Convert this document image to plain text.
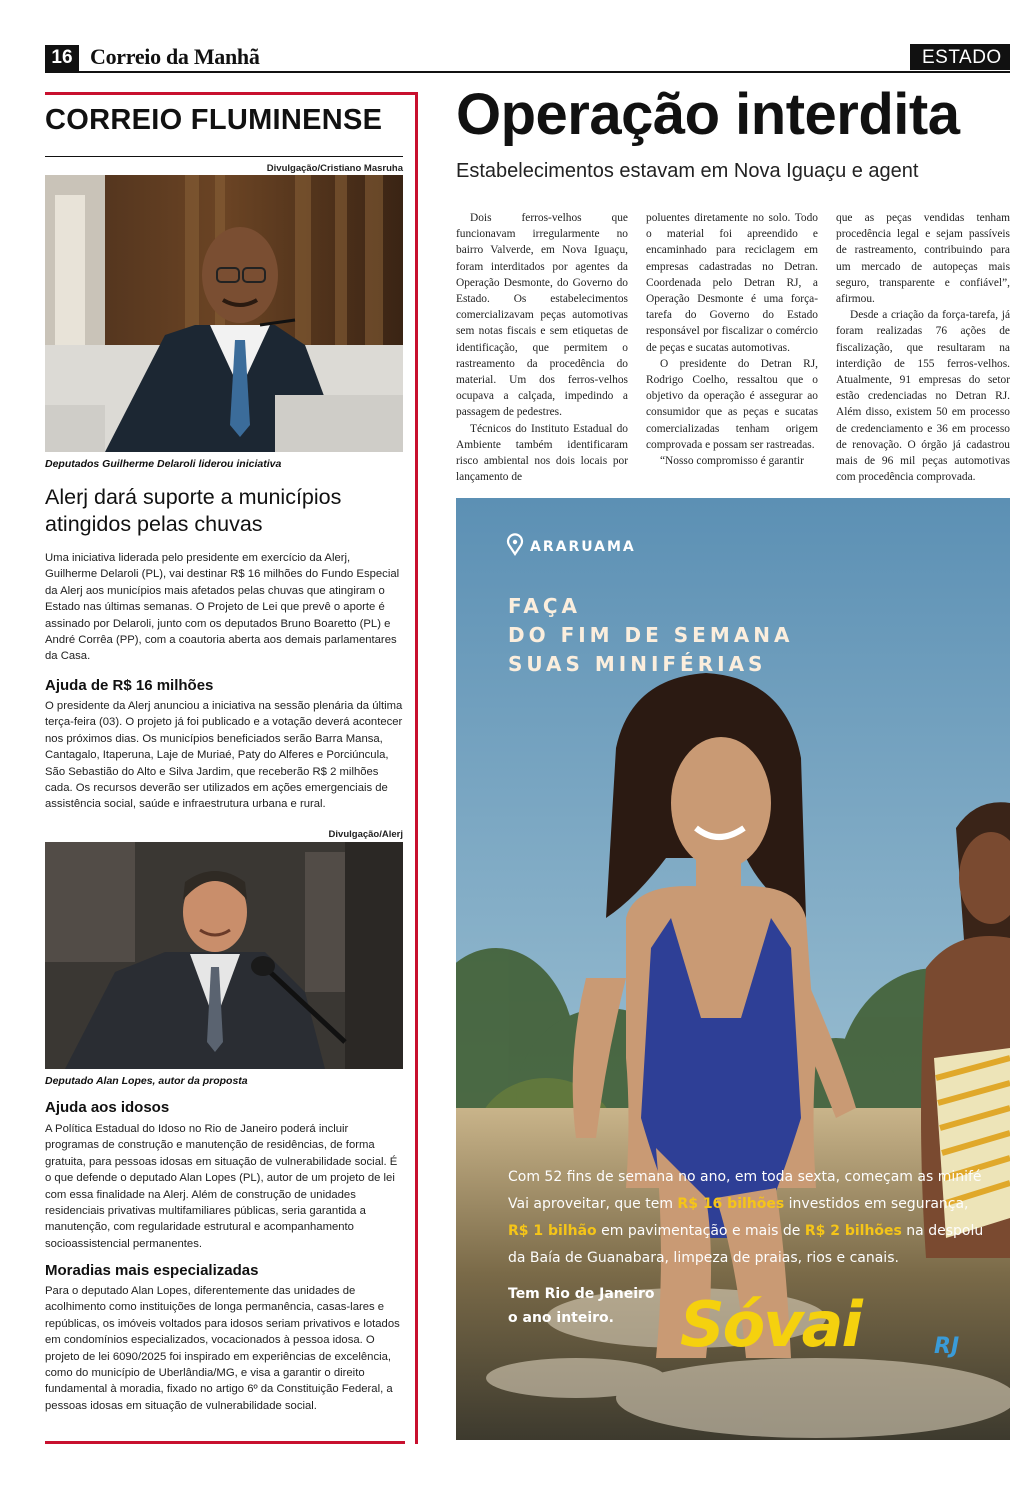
16 Correio da Manhã	ESTADO
CORREIO FLUMINENSE
Divulgação/Cristiano Masruha
Deputados Guilherme Delaroli liderou iniciativa
Alerj dará suporte a municípios atingidos pelas chuvas

Uma iniciativa liderada pelo presidente em exercício da Alerj, Guilherme Delaroli (PL), vai destinar R$ 16 milhões do Fundo Especial da Alerj aos municípios mais afetados pelas chuvas que atingiram o Estado nas últimas semanas. O Projeto de Lei que prevê o aporte é assinado por Delaroli, junto com os deputados Bruno Boaretto (PL) e André Corrêa (PP), com a coautoria aberta aos demais parlamentares da Casa.

Ajuda de R$ 16 milhões

O presidente da Alerj anunciou a iniciativa na sessão plenária da última terça-feira (03). O projeto já foi publicado e a votação deverá acontecer nos próximos dias. Os municípios beneficiados serão Barra Mansa, Cantagalo, Itaperuna, Laje de Muriaé, Paty do Alferes e Porciúncula, São Sebastião do Alto e Silva Jardim, que receberão R$ 2 milhões cada. Os recursos deverão ser utilizados em ações emergenciais de assistência social, saúde e infraestrutura urbana e rural.

Divulgação/Alerj
Deputado Alan Lopes, autor da proposta
Ajuda aos idosos

A Política Estadual do Idoso no Rio de Janeiro poderá incluir programas de construção e manutenção de residências, de forma gratuita, para pessoas idosas em situação de vulnerabilidade social. É o que defende o deputado Alan Lopes (PL), autor de um projeto de lei com essa finalidade na Alerj. Além de construção de unidades residenciais privativas multifamiliares públicas, seria garantida a manutenção, com regularidade estrutural e acompanhamento socioassistencial permanentes.

Moradias mais especializadas

Para o deputado Alan Lopes, diferentemente das unidades de acolhimento como instituições de longa permanência, casas-lares e repúblicas, os imóveis voltados para idosos seriam privativos e lotados em condomínios especializados, vocacionados à pessoa idosa. O projeto de lei 6090/2025 foi inspirado em experiências de excelência, como do município de Uberlândia/MG, e visa a garantir o direito fundamental à moradia, fixado no artigo 6º da Constituição Federal, a pessoas idosas em situação de vulnerabilidade social.

Operação interdita
Estabelecimentos estavam em Nova Iguaçu e agent

Dois ferros-velhos que funcionavam irregularmente no bairro Valverde, em Nova Iguaçu, foram interditados por agentes da Operação Desmonte, do Governo do Estado. Os estabelecimentos comercializavam peças automotivas sem notas fiscais e sem etiquetas de identificação, que permitem o rastreamento da procedência do material. Um dos ferros-velhos ocupava a calçada, impedindo a passagem de pedestres.

Técnicos do Instituto Estadual do Ambiente também identificaram risco ambiental nos dois locais por lançamento de

poluentes diretamente no solo. Todo o material foi apreendido e encaminhado para reciclagem em empresas cadastradas no Detran. Coordenada pelo Detran RJ, a Operação Desmonte é uma força-tarefa do Governo do Estado responsável por fiscalizar o comércio de peças e sucatas automotivas.

O presidente do Detran RJ, Rodrigo Coelho, ressaltou que o objetivo da operação é assegurar ao consumidor que as peças e sucatas comercializadas tenham origem comprovada e possam ser rastreadas.

“Nosso compromisso é garantir

que as peças vendidas tenham procedência legal e sejam passíveis de rastreamento, contribuindo para um mercado de autopeças mais seguro, transparente e confiável”, afirmou.

Desde a criação da força-tarefa, já foram realizadas 76 ações de fiscalização, que resultaram na interdição de 155 ferros-velhos. Atualmente, 91 empresas do setor estão credenciadas no Detran RJ. Além disso, existem 50 em processo de credenciamento e 36 em processo de renovação. O órgão já cadastrou mais de 96 mil peças automotivas com procedência comprovada.

ARARUAMA
FAÇA
DO FIM DE SEMANA
SUAS MINIFÉRIAS
Com 52 fins de semana no ano, em toda sexta, começam as minifé
Vai aproveitar, que tem R$ 16 bilhões investidos em segurança,
R$ 1 bilhão em pavimentação e mais de R$ 2 bilhões na despolu
da Baía de Guanabara, limpeza de praias, rios e canais.
Tem Rio de Janeiro
o ano inteiro.	Sóvai	RJ
